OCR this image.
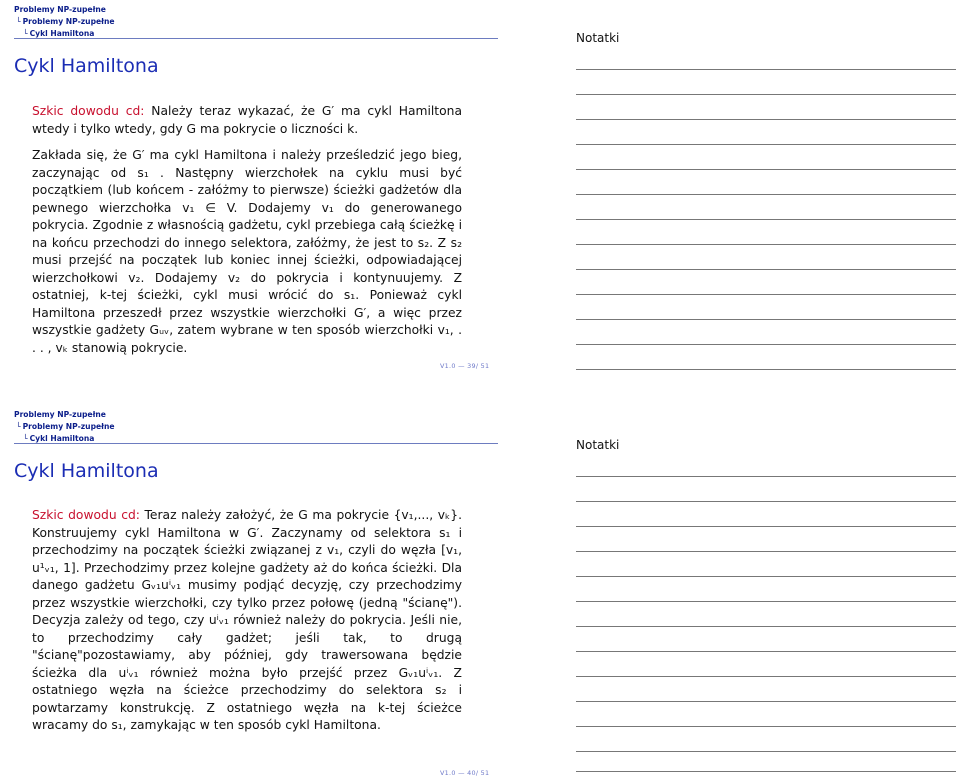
Problemy NP-zupełne
└ Problemy NP-zupełne
└ Cykl Hamiltona
Cykl Hamiltona

Szkic dowodu cd: Należy teraz wykazać, że G′ ma cykl Hamiltona wtedy i tylko wtedy, gdy G ma pokrycie o liczności k.

Zakłada się, że G′ ma cykl Hamiltona i należy prześledzić jego bieg, zaczynając od s₁ . Następny wierzchołek na cyklu musi być początkiem (lub końcem - załóżmy to pierwsze) ścieżki gadżetów dla pewnego wierzchołka v₁ ∈ V. Dodajemy v₁ do generowanego pokrycia. Zgodnie z własnością gadżetu, cykl przebiega całą ścieżkę i na końcu przechodzi do innego selektora, załóżmy, że jest to s₂. Z s₂ musi przejść na początek lub koniec innej ścieżki, odpowiadającej wierzchołkowi v₂. Dodajemy v₂ do pokrycia i kontynuujemy. Z ostatniej, k-tej ścieżki, cykl musi wrócić do s₁. Ponieważ cykl Hamiltona przeszedł przez wszystkie wierzchołki G′, a więc przez wszystkie gadżety Gᵤᵥ, zatem wybrane w ten sposób wierzchołki v₁, . . . , vₖ stanowią pokrycie.

V1.0 — 39/ 51
Notatki
Problemy NP-zupełne
└ Problemy NP-zupełne
└ Cykl Hamiltona
Cykl Hamiltona

Szkic dowodu cd: Teraz należy założyć, że G ma pokrycie {v₁,..., vₖ}. Konstruujemy cykl Hamiltona w G′. Zaczynamy od selektora s₁ i przechodzimy na początek ścieżki związanej z v₁, czyli do węzła [v₁, u¹ᵥ₁, 1]. Przechodzimy przez kolejne gadżety aż do końca ścieżki. Dla danego gadżetu Gᵥ₁uⁱᵥ₁ musimy podjąć decyzję, czy przechodzimy przez wszystkie wierzchołki, czy tylko przez połowę (jedną "ścianę"). Decyzja zależy od tego, czy uⁱᵥ₁ również należy do pokrycia. Jeśli nie, to przechodzimy cały gadżet; jeśli tak, to drugą "ścianę"pozostawiamy, aby później, gdy trawersowana będzie ścieżka dla uⁱᵥ₁ również można było przejść przez Gᵥ₁uⁱᵥ₁. Z ostatniego węzła na ścieżce przechodzimy do selektora s₂ i powtarzamy konstrukcję. Z ostatniego węzła na k-tej ścieżce wracamy do s₁, zamykając w ten sposób cykl Hamiltona.

V1.0 — 40/ 51
Notatki
